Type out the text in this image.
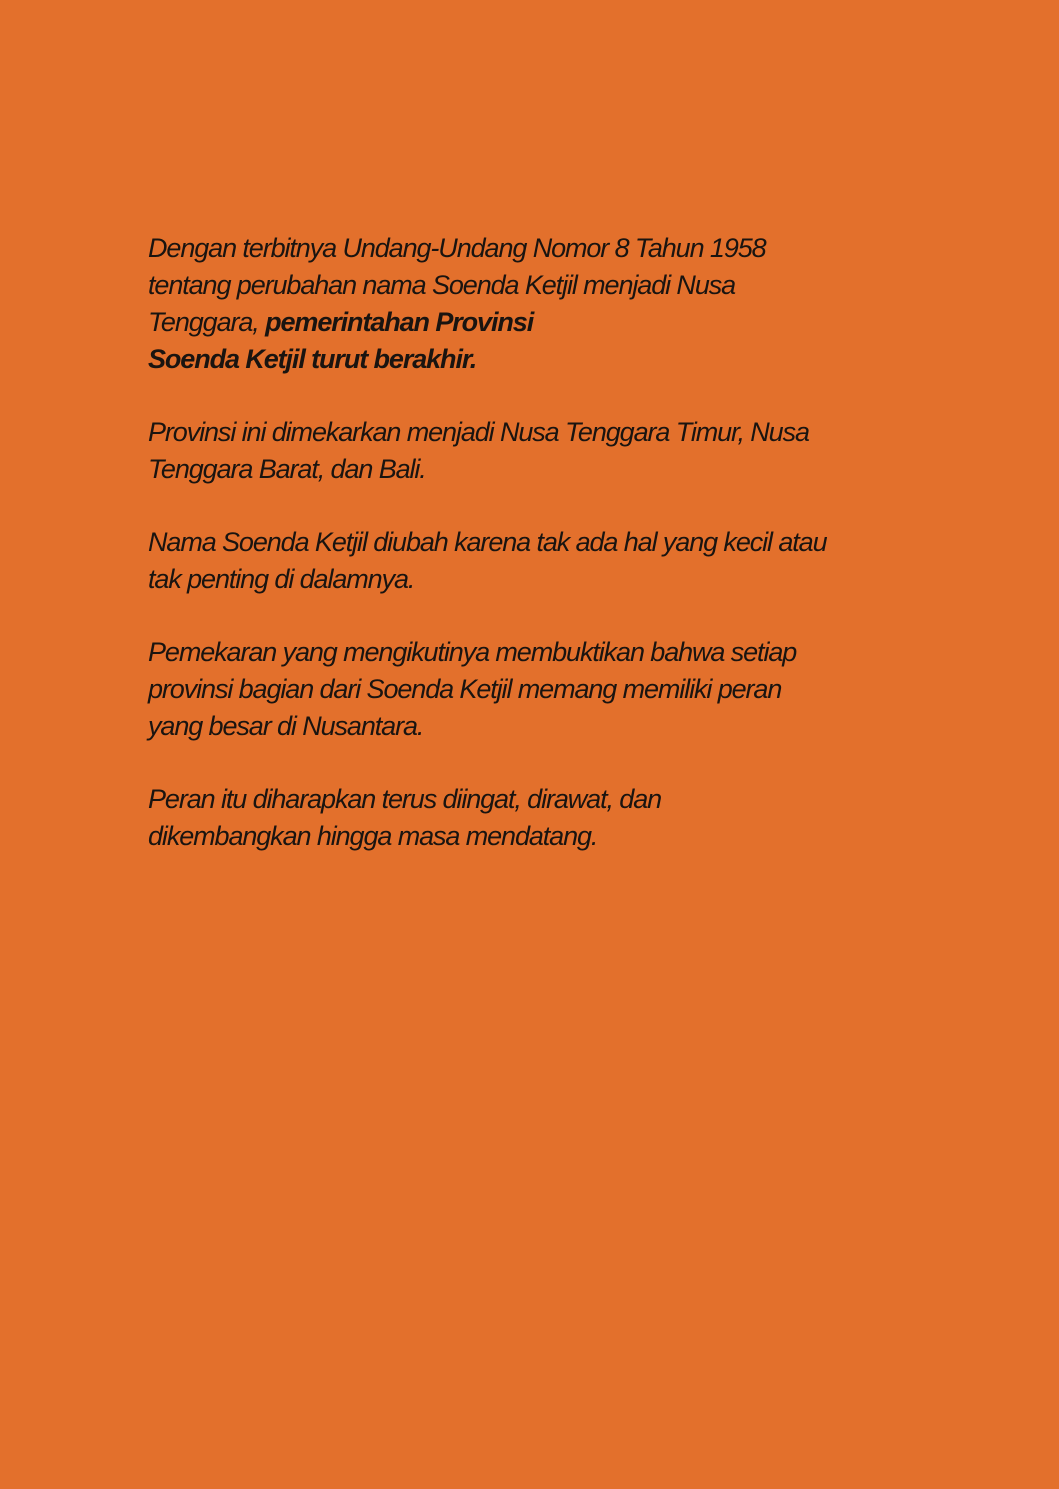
Dengan terbitnya Undang-Undang Nomor 8 Tahun 1958
tentang perubahan nama Soenda Ketjil menjadi Nusa
Tenggara, pemerintahan Provinsi
Soenda Ketjil turut berakhir.

Provinsi ini dimekarkan menjadi Nusa Tenggara Timur, Nusa
Tenggara Barat, dan Bali.

Nama Soenda Ketjil diubah karena tak ada hal yang kecil atau
tak penting di dalamnya.

Pemekaran yang mengikutinya membuktikan bahwa setiap
provinsi bagian dari Soenda Ketjil memang memiliki peran
yang besar di Nusantara.

Peran itu diharapkan terus diingat, dirawat, dan
dikembangkan hingga masa mendatang.
